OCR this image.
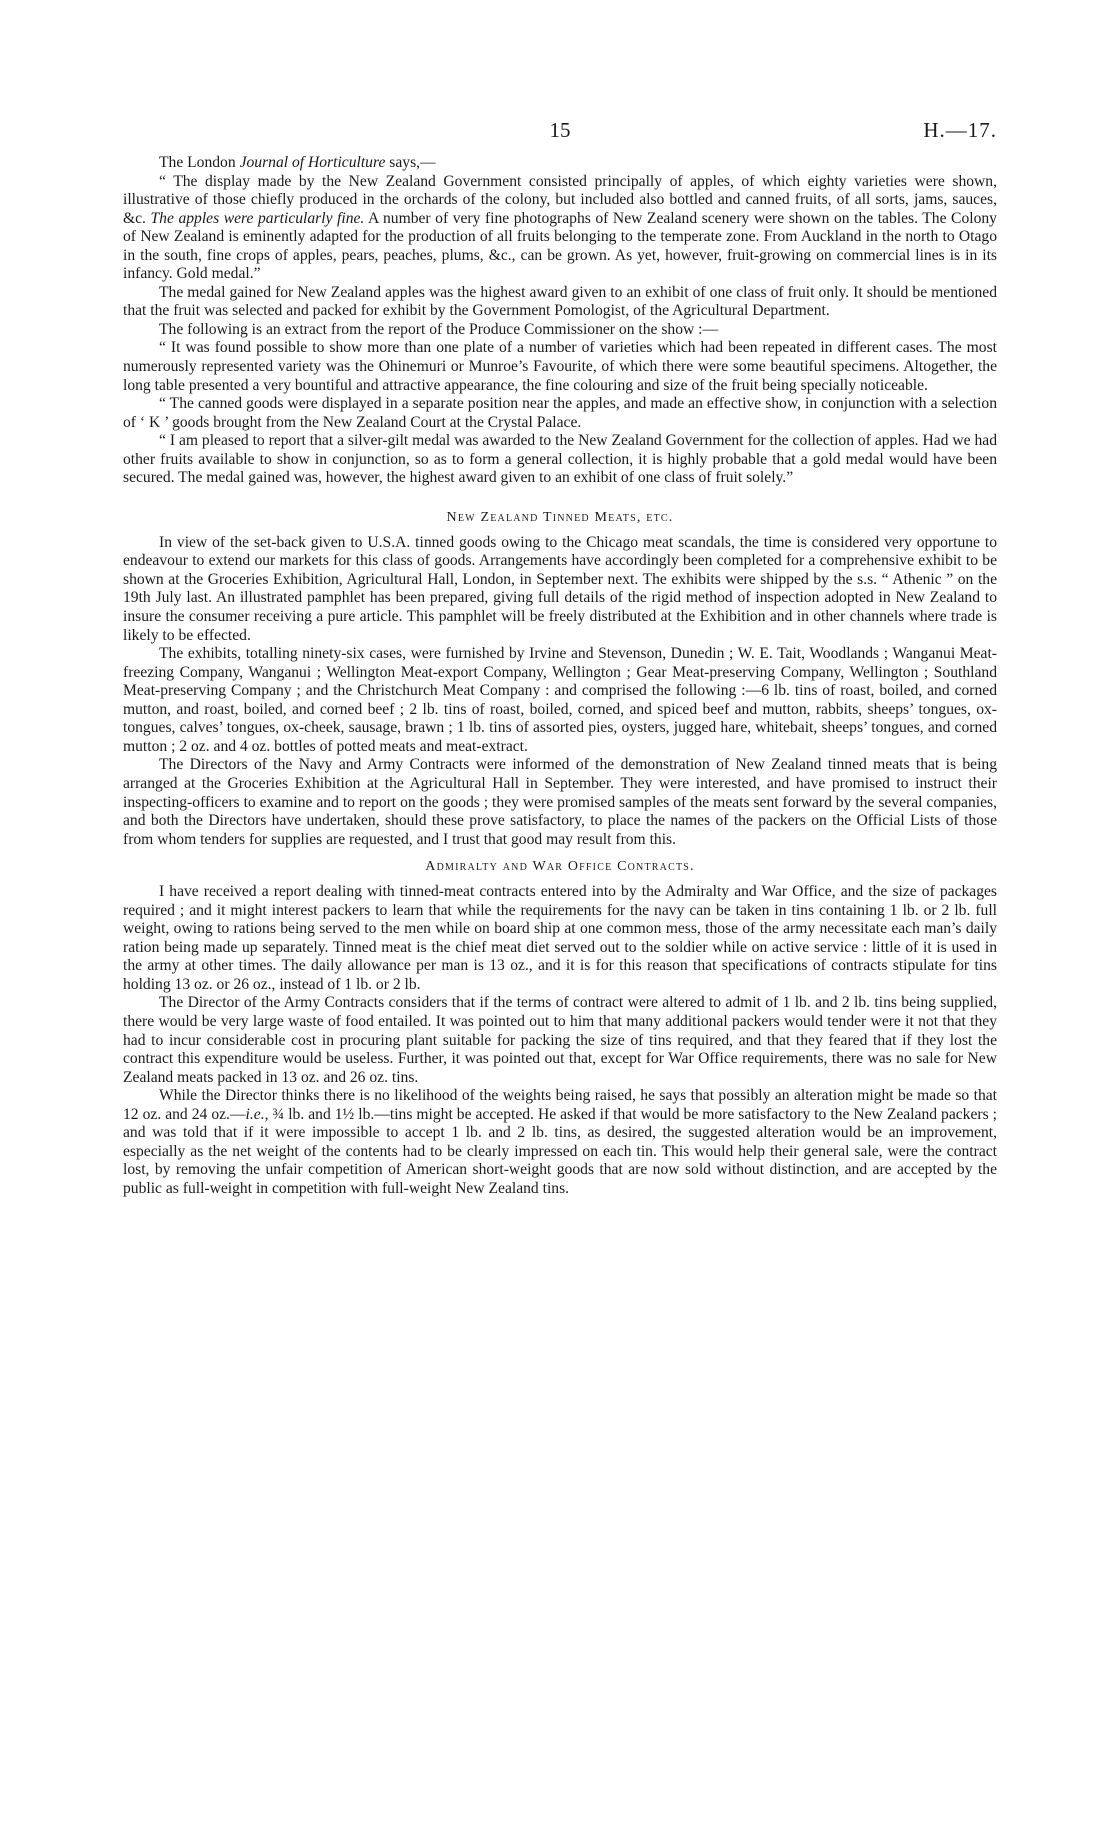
15	H.—17.

The London Journal of Horticulture says,—

“ The display made by the New Zealand Government consisted principally of apples, of which eighty varieties were shown, illustrative of those chiefly produced in the orchards of the colony, but included also bottled and canned fruits, of all sorts, jams, sauces, &c. The apples were particularly fine. A number of very fine photographs of New Zealand scenery were shown on the tables. The Colony of New Zealand is eminently adapted for the production of all fruits belonging to the temperate zone. From Auckland in the north to Otago in the south, fine crops of apples, pears, peaches, plums, &c., can be grown. As yet, however, fruit-growing on commercial lines is in its infancy. Gold medal.”

The medal gained for New Zealand apples was the highest award given to an exhibit of one class of fruit only. It should be mentioned that the fruit was selected and packed for exhibit by the Government Pomologist, of the Agricultural Department.

The following is an extract from the report of the Produce Commissioner on the show :—

“ It was found possible to show more than one plate of a number of varieties which had been repeated in different cases. The most numerously represented variety was the Ohinemuri or Munroe’s Favourite, of which there were some beautiful specimens. Altogether, the long table presented a very bountiful and attractive appearance, the fine colouring and size of the fruit being specially noticeable.

“ The canned goods were displayed in a separate position near the apples, and made an effective show, in conjunction with a selection of ‘ K ’ goods brought from the New Zealand Court at the Crystal Palace.

“ I am pleased to report that a silver-gilt medal was awarded to the New Zealand Government for the collection of apples. Had we had other fruits available to show in conjunction, so as to form a general collection, it is highly probable that a gold medal would have been secured. The medal gained was, however, the highest award given to an exhibit of one class of fruit solely.”

New Zealand Tinned Meats, etc.

In view of the set-back given to U.S.A. tinned goods owing to the Chicago meat scandals, the time is considered very opportune to endeavour to extend our markets for this class of goods. Arrangements have accordingly been completed for a comprehensive exhibit to be shown at the Groceries Exhibition, Agricultural Hall, London, in September next. The exhibits were shipped by the s.s. “ Athenic ” on the 19th July last. An illustrated pamphlet has been prepared, giving full details of the rigid method of inspection adopted in New Zealand to insure the consumer receiving a pure article. This pamphlet will be freely distributed at the Exhibition and in other channels where trade is likely to be effected.

The exhibits, totalling ninety-six cases, were furnished by Irvine and Stevenson, Dunedin ; W. E. Tait, Woodlands ; Wanganui Meat-freezing Company, Wanganui ; Wellington Meat-export Company, Wellington ; Gear Meat-preserving Company, Wellington ; Southland Meat-preserving Company ; and the Christchurch Meat Company : and comprised the following :—6 lb. tins of roast, boiled, and corned mutton, and roast, boiled, and corned beef ; 2 lb. tins of roast, boiled, corned, and spiced beef and mutton, rabbits, sheeps’ tongues, ox-tongues, calves’ tongues, ox-cheek, sausage, brawn ; 1 lb. tins of assorted pies, oysters, jugged hare, whitebait, sheeps’ tongues, and corned mutton ; 2 oz. and 4 oz. bottles of potted meats and meat-extract.

The Directors of the Navy and Army Contracts were informed of the demonstration of New Zealand tinned meats that is being arranged at the Groceries Exhibition at the Agricultural Hall in September. They were interested, and have promised to instruct their inspecting-officers to examine and to report on the goods ; they were promised samples of the meats sent forward by the several companies, and both the Directors have undertaken, should these prove satisfactory, to place the names of the packers on the Official Lists of those from whom tenders for supplies are requested, and I trust that good may result from this.

Admiralty and War Office Contracts.

I have received a report dealing with tinned-meat contracts entered into by the Admiralty and War Office, and the size of packages required ; and it might interest packers to learn that while the requirements for the navy can be taken in tins containing 1 lb. or 2 lb. full weight, owing to rations being served to the men while on board ship at one common mess, those of the army necessitate each man’s daily ration being made up separately. Tinned meat is the chief meat diet served out to the soldier while on active service : little of it is used in the army at other times. The daily allowance per man is 13 oz., and it is for this reason that specifications of contracts stipulate for tins holding 13 oz. or 26 oz., instead of 1 lb. or 2 lb.

The Director of the Army Contracts considers that if the terms of contract were altered to admit of 1 lb. and 2 lb. tins being supplied, there would be very large waste of food entailed. It was pointed out to him that many additional packers would tender were it not that they had to incur considerable cost in procuring plant suitable for packing the size of tins required, and that they feared that if they lost the contract this expenditure would be useless. Further, it was pointed out that, except for War Office requirements, there was no sale for New Zealand meats packed in 13 oz. and 26 oz. tins.

While the Director thinks there is no likelihood of the weights being raised, he says that possibly an alteration might be made so that 12 oz. and 24 oz.—i.e., ¾ lb. and 1½ lb.—tins might be accepted. He asked if that would be more satisfactory to the New Zealand packers ; and was told that if it were impossible to accept 1 lb. and 2 lb. tins, as desired, the suggested alteration would be an improvement, especially as the net weight of the contents had to be clearly impressed on each tin. This would help their general sale, were the contract lost, by removing the unfair competition of American short-weight goods that are now sold without distinction, and are accepted by the public as full-weight in competition with full-weight New Zealand tins.
